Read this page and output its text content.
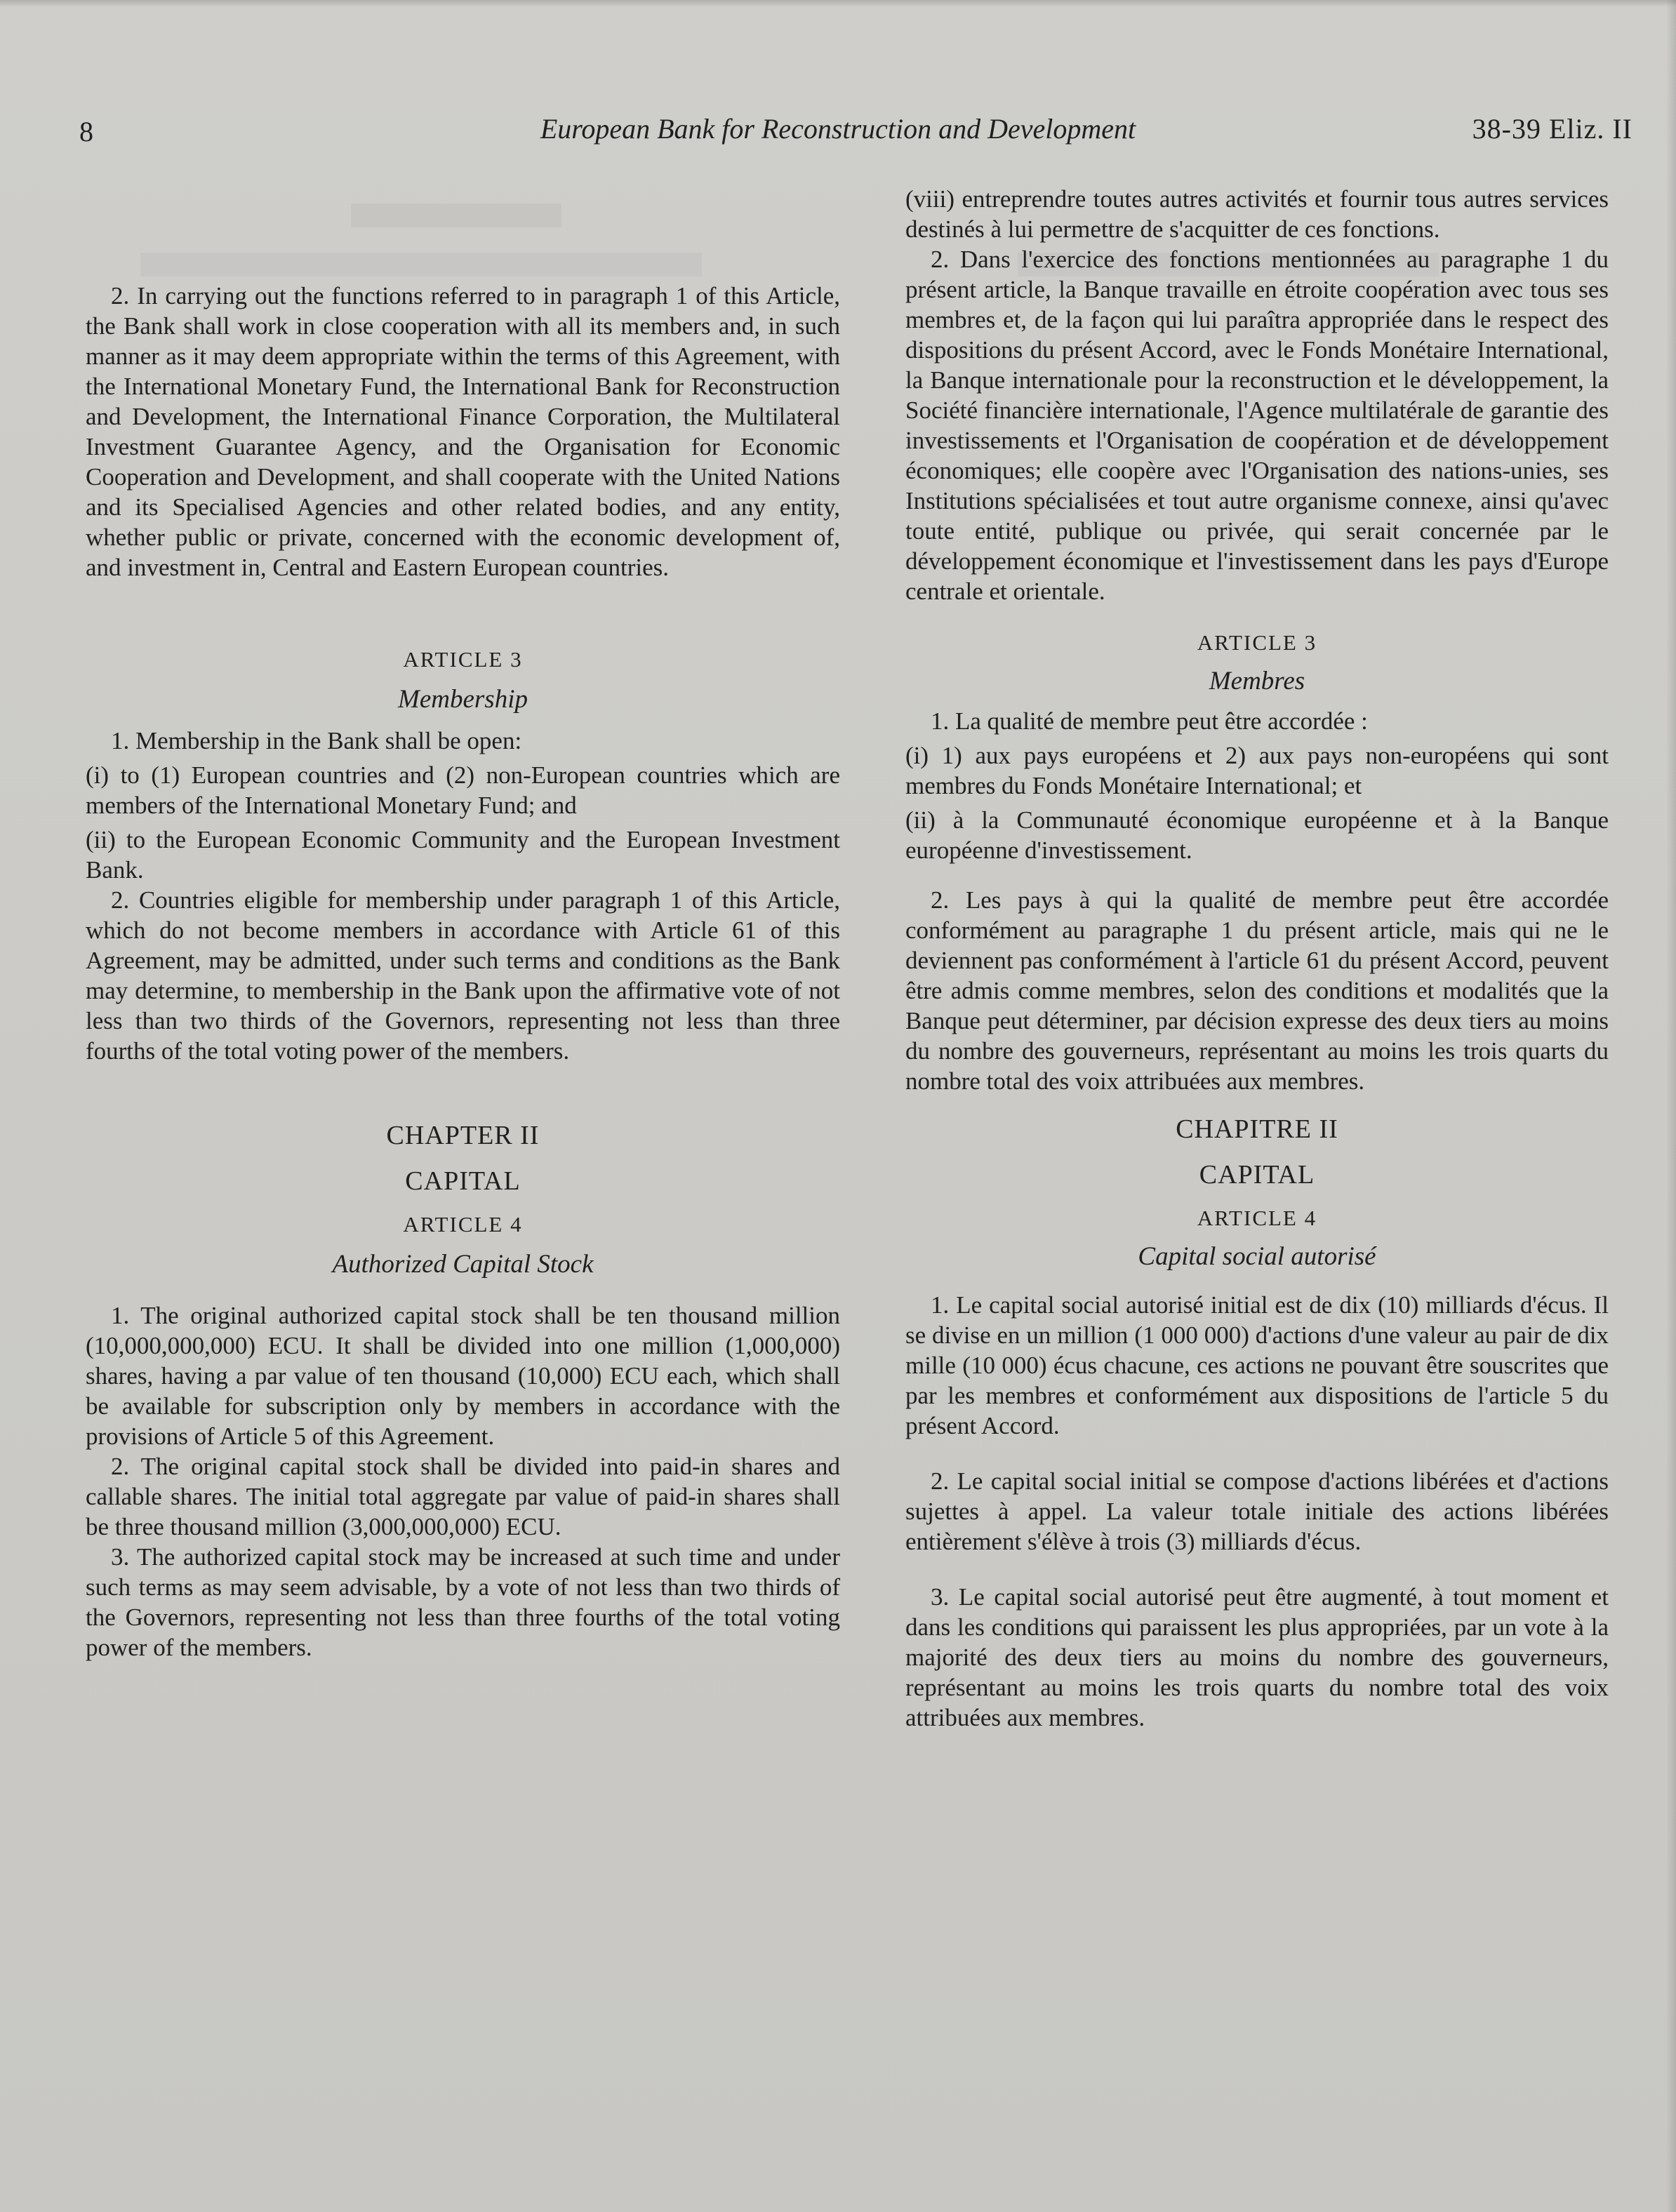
8	European Bank for Reconstruction and Development	38-39 Eliz. II

2. In carrying out the functions referred to in paragraph 1 of this Article, the Bank shall work in close cooperation with all its members and, in such manner as it may deem appropriate within the terms of this Agreement, with the International Monetary Fund, the International Bank for Reconstruction and Development, the International Finance Corporation, the Multilateral Investment Guarantee Agency, and the Organisation for Economic Cooperation and Development, and shall cooperate with the United Nations and its Specialised Agencies and other related bodies, and any entity, whether public or private, concerned with the economic development of, and investment in, Central and Eastern European countries.

ARTICLE 3

Membership

1. Membership in the Bank shall be open:

(i) to (1) European countries and (2) non-European countries which are members of the International Monetary Fund; and

(ii) to the European Economic Community and the European Investment Bank.

2. Countries eligible for membership under paragraph 1 of this Article, which do not become members in accordance with Article 61 of this Agreement, may be admitted, under such terms and conditions as the Bank may determine, to membership in the Bank upon the affirmative vote of not less than two thirds of the Governors, representing not less than three fourths of the total voting power of the members.

CHAPTER II

CAPITAL

ARTICLE 4

Authorized Capital Stock

1. The original authorized capital stock shall be ten thousand million (10,000,000,000) ECU. It shall be divided into one million (1,000,000) shares, having a par value of ten thousand (10,000) ECU each, which shall be available for subscription only by members in accordance with the provisions of Article 5 of this Agreement.

2. The original capital stock shall be divided into paid-in shares and callable shares. The initial total aggregate par value of paid-in shares shall be three thousand million (3,000,000,000) ECU.

3. The authorized capital stock may be increased at such time and under such terms as may seem advisable, by a vote of not less than two thirds of the Governors, representing not less than three fourths of the total voting power of the members.

(viii) entreprendre toutes autres activités et fournir tous autres services destinés à lui permettre de s'acquitter de ces fonctions.

2. Dans l'exercice des fonctions mentionnées au paragraphe 1 du présent article, la Banque travaille en étroite coopération avec tous ses membres et, de la façon qui lui paraîtra appropriée dans le respect des dispositions du présent Accord, avec le Fonds Monétaire International, la Banque internationale pour la reconstruction et le développement, la Société financière internationale, l'Agence multilatérale de garantie des investissements et l'Organisation de coopération et de développement économiques; elle coopère avec l'Organisation des nations-unies, ses Institutions spécialisées et tout autre organisme connexe, ainsi qu'avec toute entité, publique ou privée, qui serait concernée par le développement économique et l'investissement dans les pays d'Europe centrale et orientale.

ARTICLE 3

Membres

1. La qualité de membre peut être accordée :

(i) 1) aux pays européens et 2) aux pays non-européens qui sont membres du Fonds Monétaire International; et

(ii) à la Communauté économique européenne et à la Banque européenne d'investissement.

2. Les pays à qui la qualité de membre peut être accordée conformément au paragraphe 1 du présent article, mais qui ne le deviennent pas conformément à l'article 61 du présent Accord, peuvent être admis comme membres, selon des conditions et modalités que la Banque peut déterminer, par décision expresse des deux tiers au moins du nombre des gouverneurs, représentant au moins les trois quarts du nombre total des voix attribuées aux membres.

CHAPITRE II

CAPITAL

ARTICLE 4

Capital social autorisé

1. Le capital social autorisé initial est de dix (10) milliards d'écus. Il se divise en un million (1 000 000) d'actions d'une valeur au pair de dix mille (10 000) écus chacune, ces actions ne pouvant être souscrites que par les membres et conformément aux dispositions de l'article 5 du présent Accord.

2. Le capital social initial se compose d'actions libérées et d'actions sujettes à appel. La valeur totale initiale des actions libérées entièrement s'élève à trois (3) milliards d'écus.

3. Le capital social autorisé peut être augmenté, à tout moment et dans les conditions qui paraissent les plus appropriées, par un vote à la majorité des deux tiers au moins du nombre des gouverneurs, représentant au moins les trois quarts du nombre total des voix attribuées aux membres.
